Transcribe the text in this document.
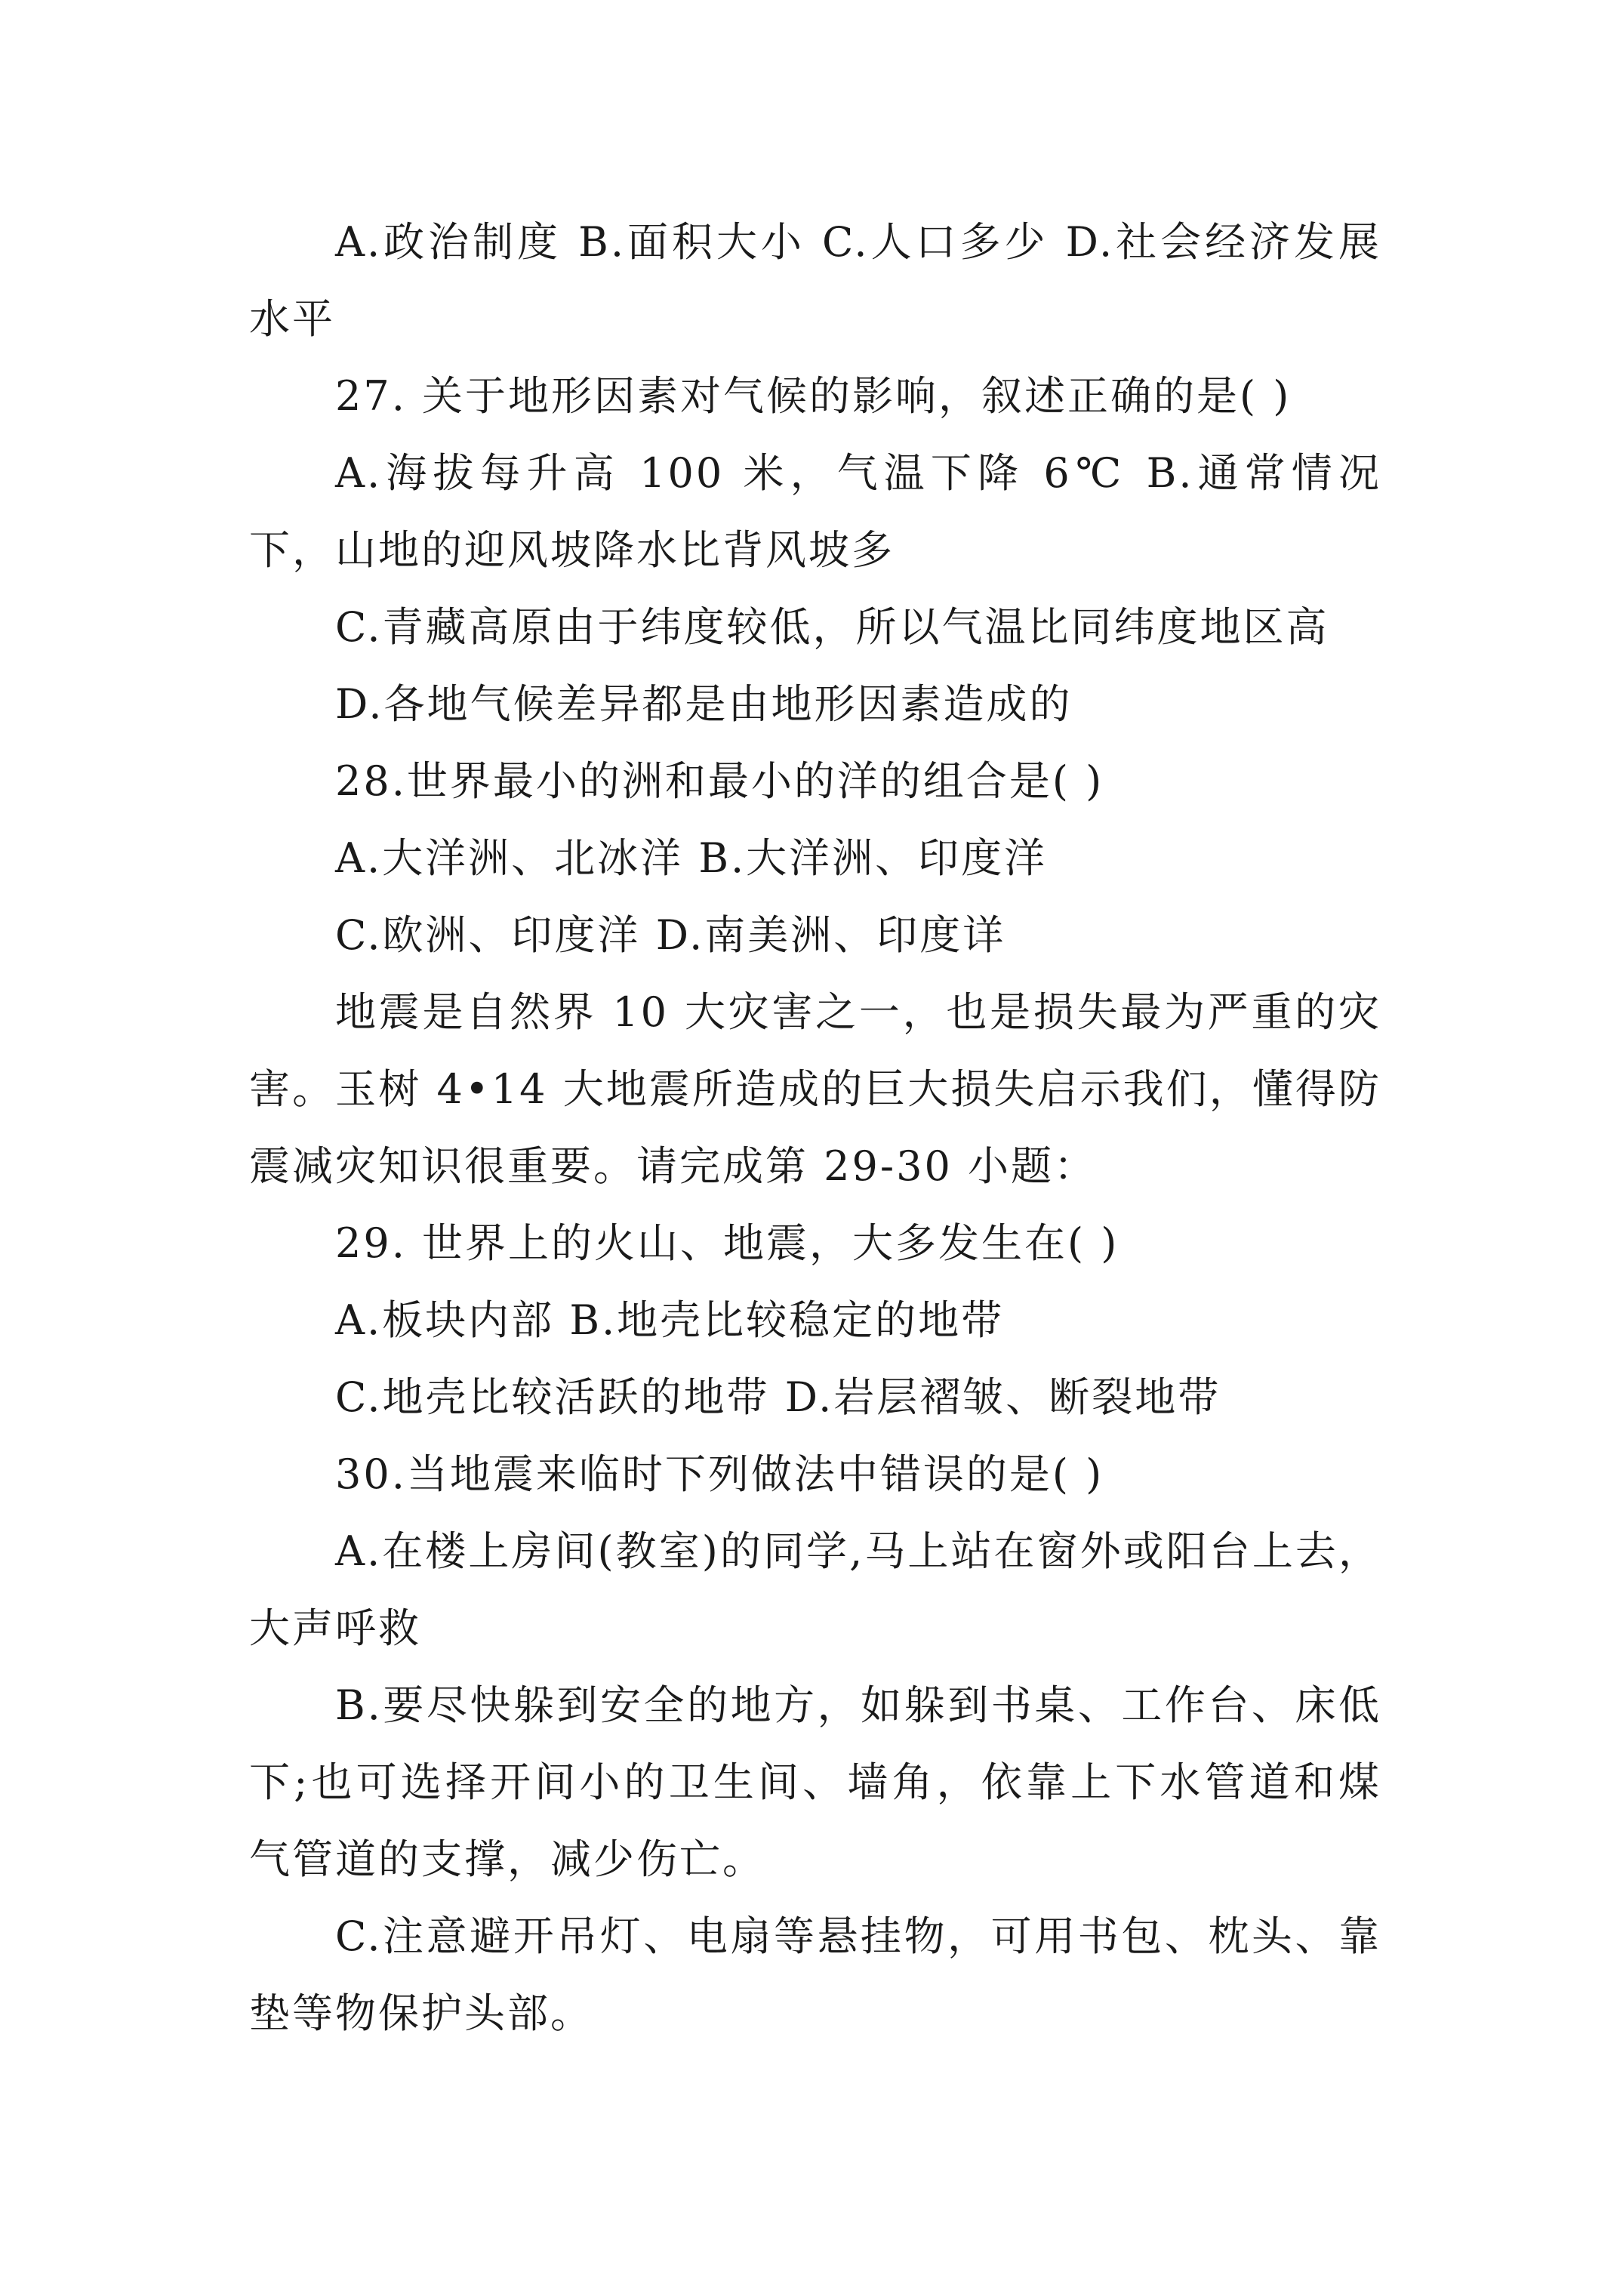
A.政治制度 B.面积大小 C.人口多少 D.社会经济发展水平

27. 关于地形因素对气候的影响，叙述正确的是( )

A.海拔每升高 100 米，气温下降 6℃ B.通常情况下，山地的迎风坡降水比背风坡多

C.青藏高原由于纬度较低，所以气温比同纬度地区高

D.各地气候差异都是由地形因素造成的

28.世界最小的洲和最小的洋的组合是( )

A.大洋洲、北冰洋 B.大洋洲、印度洋

C.欧洲、印度洋 D.南美洲、印度详

地震是自然界 10 大灾害之一，也是损失最为严重的灾害。玉树 4•14 大地震所造成的巨大损失启示我们，懂得防震减灾知识很重要。请完成第 29-30 小题：

29. 世界上的火山、地震，大多发生在( )

A.板块内部 B.地壳比较稳定的地带

C.地壳比较活跃的地带 D.岩层褶皱、断裂地带

30.当地震来临时下列做法中错误的是( )

A.在楼上房间(教室)的同学,马上站在窗外或阳台上去，大声呼救

B.要尽快躲到安全的地方，如躲到书桌、工作台、床低下;也可选择开间小的卫生间、墙角，依靠上下水管道和煤气管道的支撑，减少伤亡。

C.注意避开吊灯、电扇等悬挂物，可用书包、枕头、靠垫等物保护头部。
